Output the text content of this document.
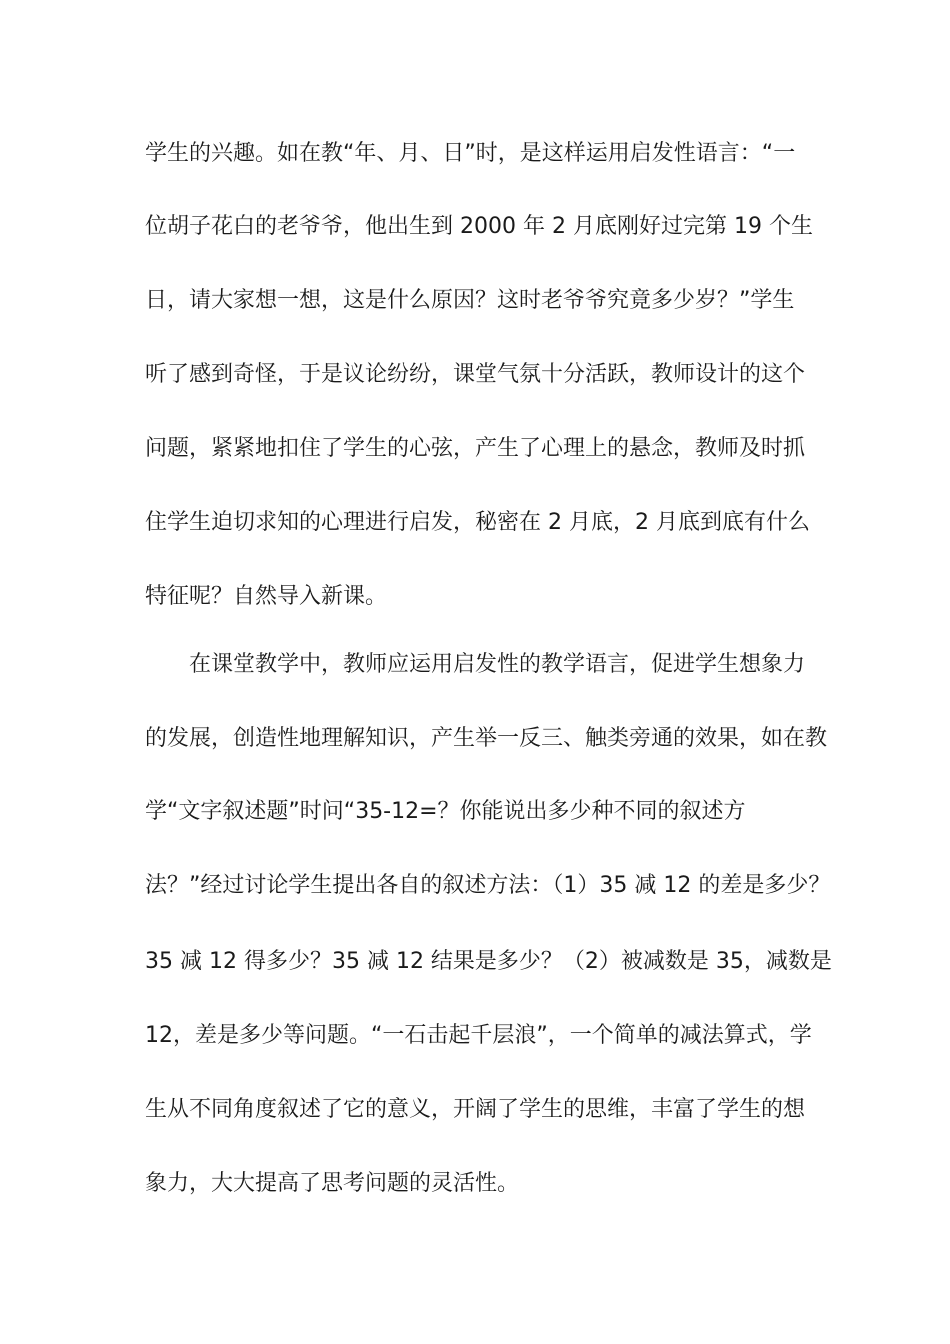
学生的兴趣。如在教“年、月、日”时，是这样运用启发性语言：“一
位胡子花白的老爷爷，他出生到 2000 年 2 月底刚好过完第 19 个生
日，请大家想一想，这是什么原因？这时老爷爷究竟多少岁？”学生
听了感到奇怪，于是议论纷纷，课堂气氛十分活跃，教师设计的这个
问题，紧紧地扣住了学生的心弦，产生了心理上的悬念，教师及时抓
住学生迫切求知的心理进行启发，秘密在 2 月底，2 月底到底有什么
特征呢？自然导入新课。
在课堂教学中，教师应运用启发性的教学语言，促进学生想象力
的发展，创造性地理解知识，产生举一反三、触类旁通的效果，如在教
学“文字叙述题”时问“35-12=？你能说出多少种不同的叙述方
法？”经过讨论学生提出各自的叙述方法：（1）35 减 12 的差是多少？
35 减 12 得多少？35 减 12 结果是多少？（2）被减数是 35，减数是
12，差是多少等问题。“一石击起千层浪”，一个简单的减法算式，学
生从不同角度叙述了它的意义，开阔了学生的思维，丰富了学生的想
象力，大大提高了思考问题的灵活性。
